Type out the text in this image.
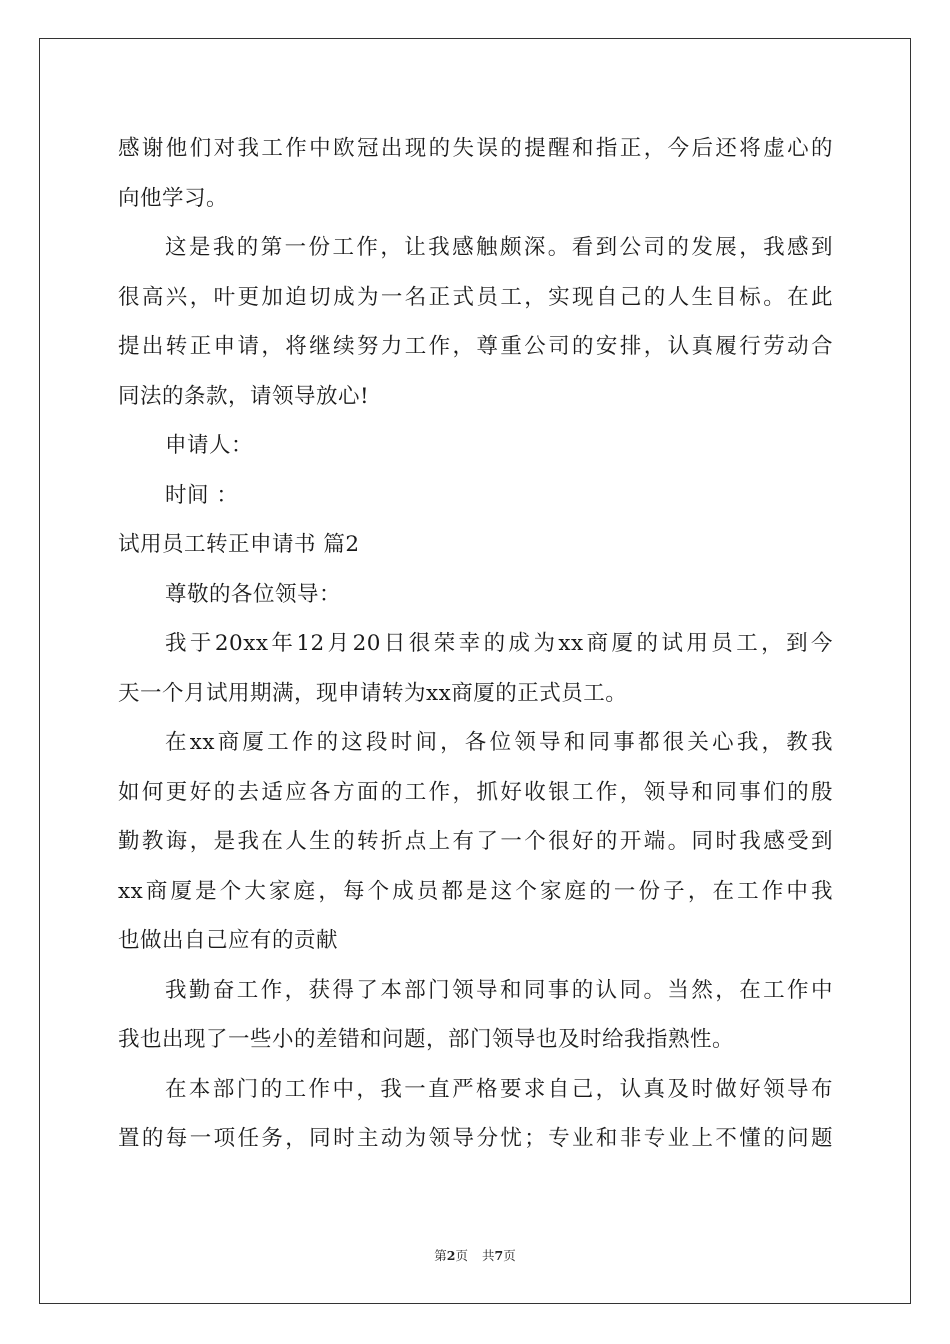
感谢他们对我工作中欧冠出现的失误的提醒和指正，今后还将虚心的
向他学习。
这是我的第一份工作，让我感触颇深。看到公司的发展，我感到
很高兴，叶更加迫切成为一名正式员工，实现自己的人生目标。在此
提出转正申请，将继续努力工作，尊重公司的安排，认真履行劳动合
同法的条款，请领导放心!
申请人：
时间 ：
试用员工转正申请书 篇2
尊敬的各位领导：
我于20xx年12月20日很荣幸的成为xx商厦的试用员工，到今
天一个月试用期满，现申请转为xx商厦的正式员工。
在xx商厦工作的这段时间，各位领导和同事都很关心我，教我
如何更好的去适应各方面的工作，抓好收银工作，领导和同事们的殷
勤教诲，是我在人生的转折点上有了一个很好的开端。同时我感受到
xx商厦是个大家庭，每个成员都是这个家庭的一份子，在工作中我
也做出自己应有的贡献
我勤奋工作，获得了本部门领导和同事的认同。当然，在工作中
我也出现了一些小的差错和问题，部门领导也及时给我指熟性。
在本部门的工作中，我一直严格要求自己，认真及时做好领导布
置的每一项任务，同时主动为领导分忧；专业和非专业上不懂的问题
第2页 共7页
